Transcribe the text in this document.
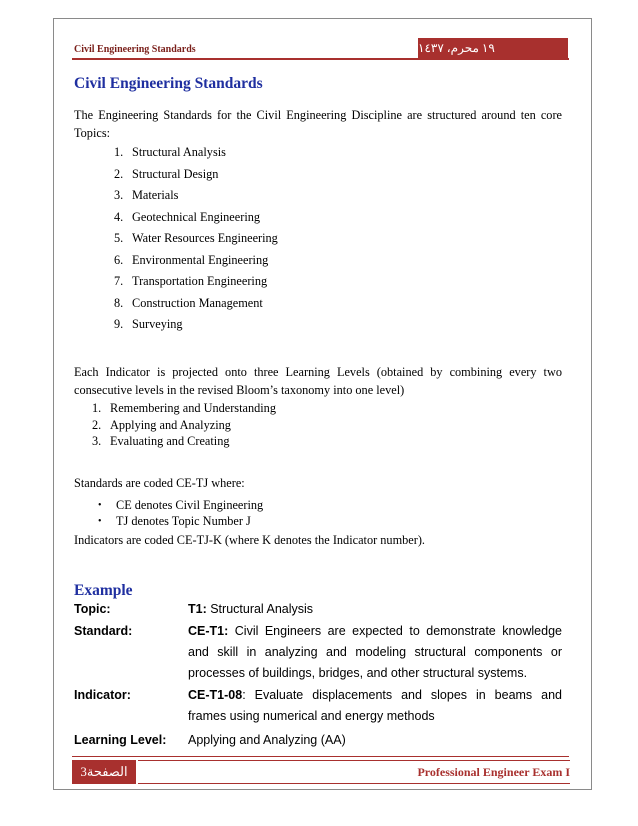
Civil Engineering Standards	١٩ محرم، ١٤٣٧
Civil Engineering Standards
The Engineering Standards for the Civil Engineering Discipline are structured around ten core Topics:
1. Structural Analysis
2. Structural Design
3. Materials
4. Geotechnical Engineering
5. Water Resources Engineering
6. Environmental Engineering
7. Transportation Engineering
8. Construction Management
9. Surveying
Each Indicator is projected onto three Learning Levels (obtained by combining every two consecutive levels in the revised Bloom’s taxonomy into one level)
1. Remembering and Understanding
2. Applying and Analyzing
3. Evaluating and Creating
Standards are coded CE-TJ where:
•	CE denotes Civil Engineering
•	TJ denotes Topic Number J
Indicators are coded CE-TJ-K (where K denotes the Indicator number).
Example
Topic:	T1: Structural Analysis
Standard:	CE-T1: Civil Engineers are expected to demonstrate knowledge and skill in analyzing and modeling structural components or processes of buildings, bridges, and other structural systems.
Indicator:	CE-T1-08: Evaluate displacements and slopes in beams and frames using numerical and energy methods
Learning Level: Applying and Analyzing (AA)
الصفحة3	Professional Engineer Exam I
